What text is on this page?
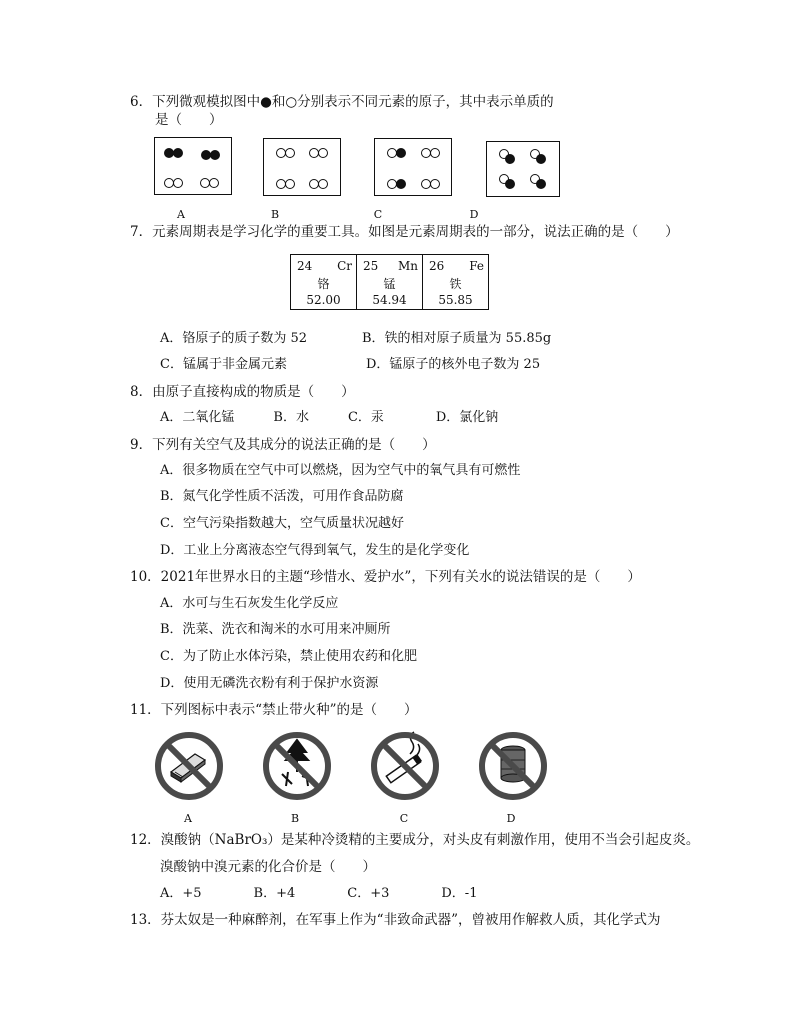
6．下列微观模拟图中●和○分别表示不同元素的原子，其中表示单质的
是（　　）
A	B	C	D
7．元素周期表是学习化学的重要工具。如图是元素周期表的一部分，说法正确的是（　　）
24 Cr
铬
52.00

25 Mn
锰
54.94

26 Fe
铁
55.85
A．铬原子的质子数为 52	B．铁的相对原子质量为 55.85g
C．锰属于非金属元素	D．锰原子的核外电子数为 25
8．由原子直接构成的物质是（　　）
A．二氧化锰　　　B．水　　　C．汞　　　　D．氯化钠
9．下列有关空气及其成分的说法正确的是（　　）
A．很多物质在空气中可以燃烧，因为空气中的氧气具有可燃性
B．氮气化学性质不活泼，可用作食品防腐
C．空气污染指数越大，空气质量状况越好
D．工业上分离液态空气得到氧气，发生的是化学变化
10．2021年世界水日的主题“珍惜水、爱护水”，下列有关水的说法错误的是（　　）
A．水可与生石灰发生化学反应
B．洗菜、洗衣和淘米的水可用来冲厕所
C．为了防止水体污染，禁止使用农药和化肥
D．使用无磷洗衣粉有利于保护水资源
11．下列图标中表示“禁止带火种”的是（　　）
A	B	C	D
12．溴酸钠（NaBrO₃）是某种冷烫精的主要成分，对头皮有刺激作用，使用不当会引起皮炎。
溴酸钠中溴元素的化合价是（　　）
A．+5　　　　B．+4　　　　C．+3　　　　D．-1
13．芬太奴是一种麻醉剂，在军事上作为“非致命武器”，曾被用作解救人质，其化学式为
